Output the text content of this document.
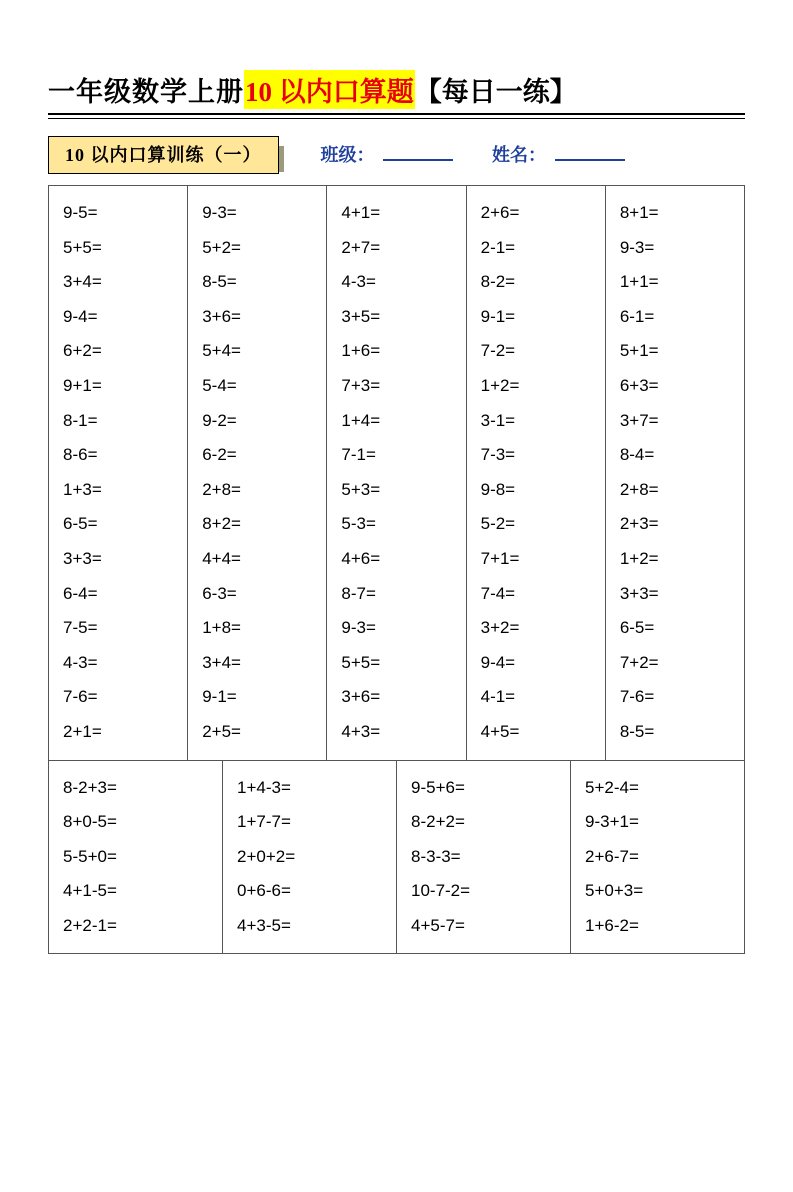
一年级数学上册 10 以内口算题 【每日一练】
10 以内口算训练（一）	班级：	姓名：
9-5=
5+5=
3+4=
9-4=
6+2=
9+1=
8-1=
8-6=
1+3=
6-5=
3+3=
6-4=
7-5=
4-3=
7-6=
2+1=
9-3=
5+2=
8-5=
3+6=
5+4=
5-4=
9-2=
6-2=
2+8=
8+2=
4+4=
6-3=
1+8=
3+4=
9-1=
2+5=
4+1=
2+7=
4-3=
3+5=
1+6=
7+3=
1+4=
7-1=
5+3=
5-3=
4+6=
8-7=
9-3=
5+5=
3+6=
4+3=
2+6=
2-1=
8-2=
9-1=
7-2=
1+2=
3-1=
7-3=
9-8=
5-2=
7+1=
7-4=
3+2=
9-4=
4-1=
4+5=
8+1=
9-3=
1+1=
6-1=
5+1=
6+3=
3+7=
8-4=
2+8=
2+3=
1+2=
3+3=
6-5=
7+2=
7-6=
8-5=
8-2+3=
8+0-5=
5-5+0=
4+1-5=
2+2-1=
1+4-3=
1+7-7=
2+0+2=
0+6-6=
4+3-5=
9-5+6=
8-2+2=
8-3-3=
10-7-2=
4+5-7=
5+2-4=
9-3+1=
2+6-7=
5+0+3=
1+6-2=
